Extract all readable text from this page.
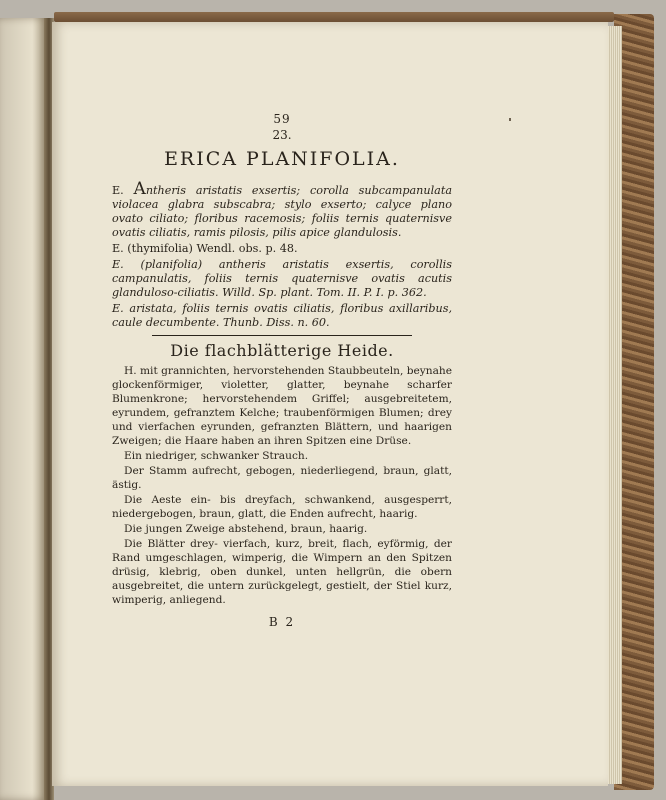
59
23.
ERICA PLANIFOLIA.

E. Antheris aristatis exsertis; corolla subcampanulata violacea glabra subscabra; stylo exserto; calyce plano ovato ciliato; floribus racemosis; foliis ternis quaternisve ovatis ciliatis, ramis pilosis, pilis apice glandulosis.

E. (thymifolia) Wendl. obs. p. 48.

E. (planifolia) antheris aristatis exsertis, corollis campanulatis, foliis ternis quaternisve ovatis acutis glanduloso-ciliatis. Willd. Sp. plant. Tom. II. P. I. p. 362.

E. aristata, foliis ternis ovatis ciliatis, floribus axillaribus, caule decumbente. Thunb. Diss. n. 60.

Die flachblätterige Heide.

H. mit grannichten, hervorstehenden Staubbeuteln, beynahe glockenförmiger, violetter, glatter, beynahe scharfer Blumenkrone; hervorstehendem Griffel; ausgebreitetem, eyrundem, gefranztem Kelche; traubenförmigen Blumen; drey und vierfachen eyrunden, gefranzten Blättern, und haarigen Zweigen; die Haare haben an ihren Spitzen eine Drüse.

Ein niedriger, schwanker Strauch.

Der Stamm aufrecht, gebogen, niederliegend, braun, glatt, ästig.

Die Aeste ein- bis dreyfach, schwankend, ausgesperrt, niedergebogen, braun, glatt, die Enden aufrecht, haarig.

Die jungen Zweige abstehend, braun, haarig.

Die Blätter drey- vierfach, kurz, breit, flach, eyförmig, der Rand umgeschlagen, wimperig, die Wimpern an den Spitzen drüsig, klebrig, oben dunkel, unten hellgrün, die obern ausgebreitet, die untern zurückgelegt, gestielt, der Stiel kurz, wimperig, anliegend.

B 2
